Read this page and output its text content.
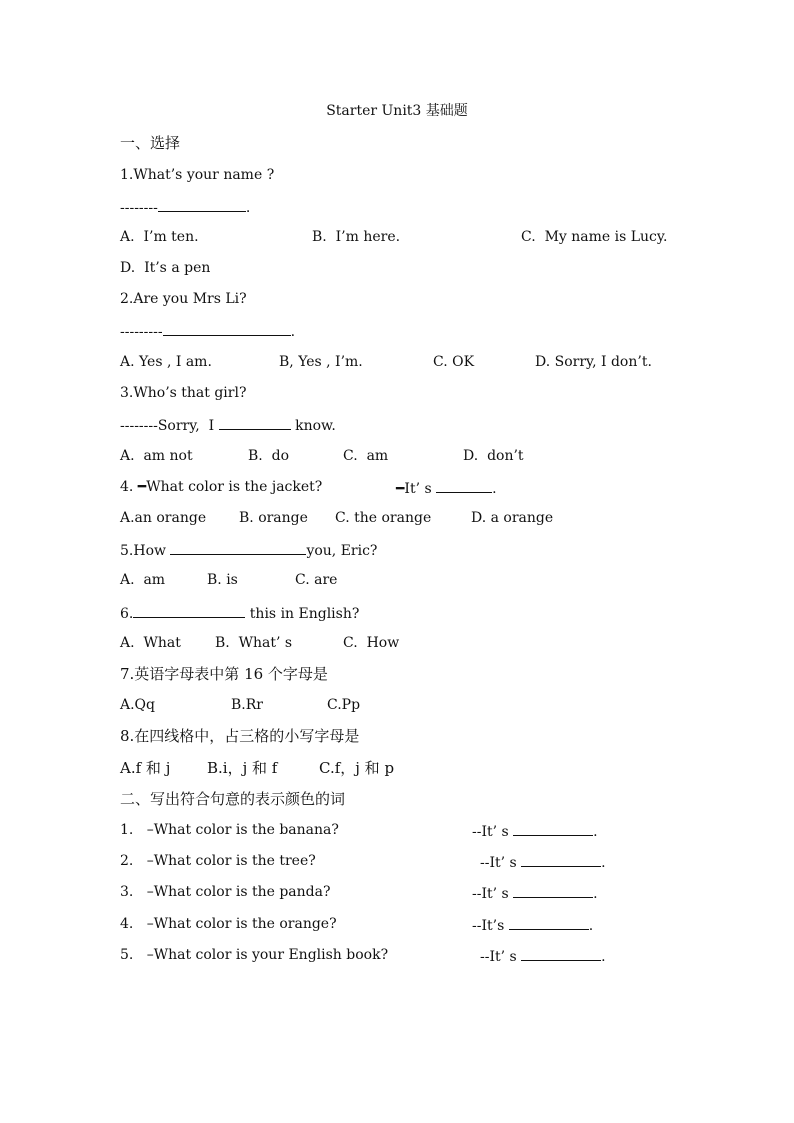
Starter Unit3 基础题
一、选择
1.What’s your name ?
--------	.

A.  I’m ten.

	B.  I’m here.

	C.  My name is Lucy.

D.  It’s a pen
2.Are you Mrs Li?
---------	.

A. Yes , I am.

	B, Yes , I’m.

	C. OK

	D. Sorry, I don’t.

3.Who’s that girl?
--------Sorry,  I	know.

A.  am not

	B.  do

	C.  am

	D.  don’t

4. ━What color is the jacket?

	━It’ s	.

A.an orange

B. orange

C. the orange

	D. a orange

5.How	you, Eric?

A.  am

	B. is

	C. are

6.	this in English?

A.  What

B.  What’ s

	C.  How

7.英语字母表中第 16 个字母是

A.Qq

	B.Rr

	C.Pp

8.在四线格中，占三格的小写字母是

A.f 和 j

B.i，j 和 f

	C.f，j 和 p

二、写出符合句意的表示颜色的词

1.   –What color is the banana?

	--It’ s	.

2.   –What color is the tree?

	--It’ s	.

3.   –What color is the panda?

	--It’ s	.

4.   –What color is the orange?

	--It’s	.

5.   –What color is your English book?

	--It’ s	.
